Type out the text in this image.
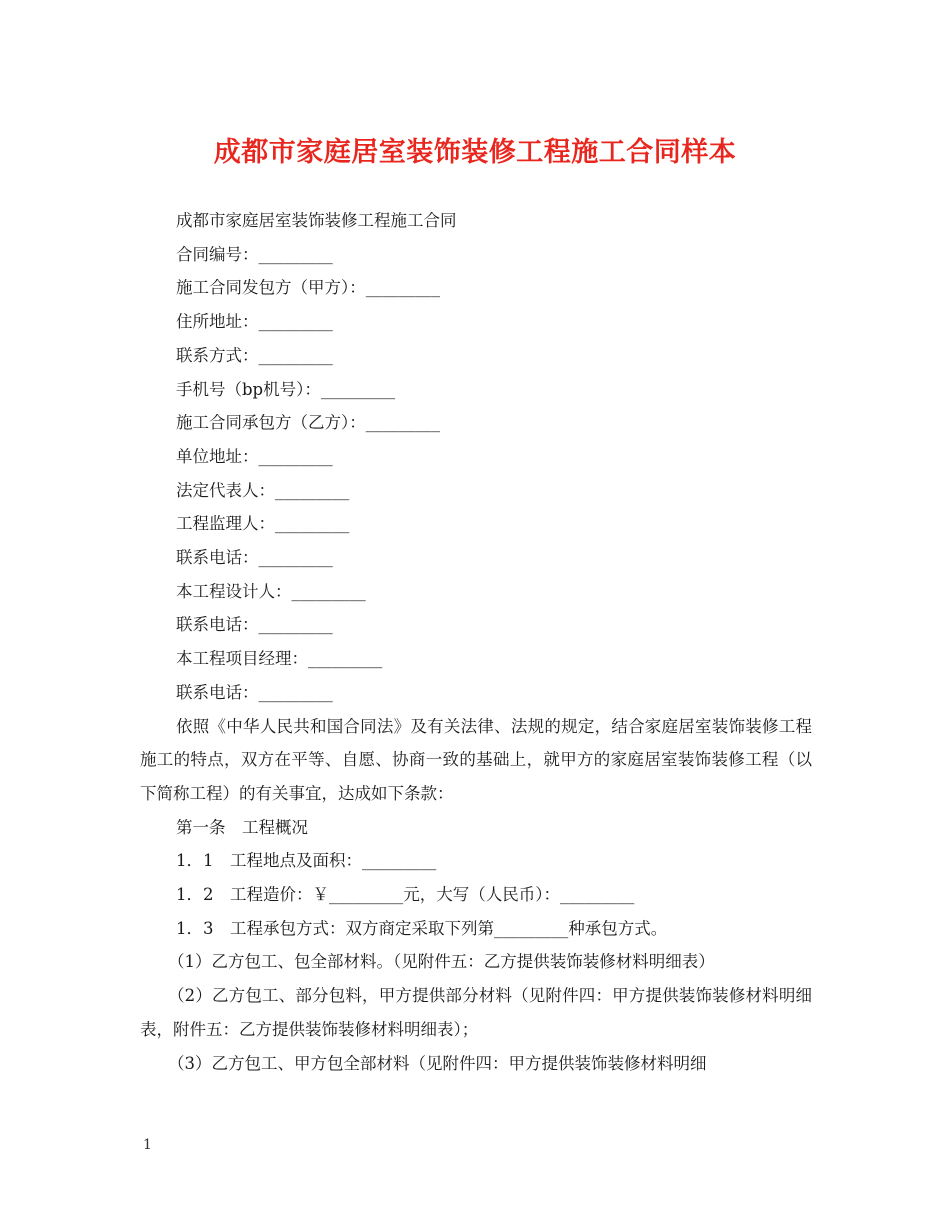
成都市家庭居室装饰装修工程施工合同样本

成都市家庭居室装饰装修工程施工合同

合同编号：_________

施工合同发包方（甲方）：_________

住所地址：_________

联系方式：_________

手机号（bp机号）：_________

施工合同承包方（乙方）：_________

单位地址：_________

法定代表人：_________

工程监理人：_________

联系电话：_________

本工程设计人：_________

联系电话：_________

本工程项目经理：_________

联系电话：_________

依照《中华人民共和国合同法》及有关法律、法规的规定，结合家庭居室装饰装修工程施工的特点，双方在平等、自愿、协商一致的基础上，就甲方的家庭居室装饰装修工程（以下简称工程）的有关事宜，达成如下条款：

第一条　工程概况

1．1　工程地点及面积：_________

1．2　工程造价：￥_________元，大写（人民币）：_________

1．3　工程承包方式：双方商定采取下列第_________种承包方式。

（1）乙方包工、包全部材料。（见附件五：乙方提供装饰装修材料明细表）

（2）乙方包工、部分包料，甲方提供部分材料（见附件四：甲方提供装饰装修材料明细表，附件五：乙方提供装饰装修材料明细表）；

（3）乙方包工、甲方包全部材料（见附件四：甲方提供装饰装修材料明细

1
